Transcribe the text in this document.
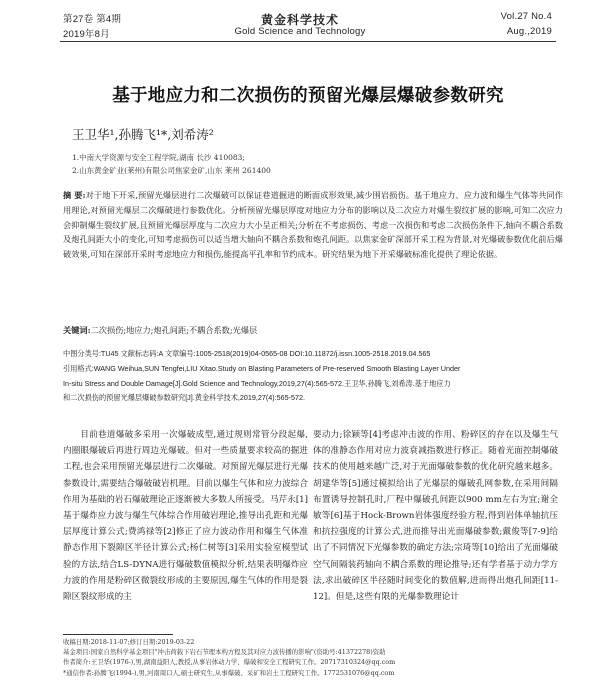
第27卷 第4期
2019年8月
黄金科学技术
Gold Science and Technology
Vol.27 No.4
Aug.,2019
基于地应力和二次损伤的预留光爆层爆破参数研究
王卫华¹,孙腾飞¹*,刘希涛²
1.中南大学资源与安全工程学院,湖南 长沙 410083;
2.山东黄金矿业(莱州)有限公司焦家金矿,山东 莱州 261400
摘 要:对于地下开采,预留光爆层进行二次爆破可以保证巷道掘进的断面成形效果,减少围岩损伤。基于地应力、应力波和爆生气体等共同作用理论,对预留光爆层二次爆破进行参数优化。分析预留光爆层厚度对地应力分布的影响以及二次应力对爆生裂纹扩展的影响,可知二次应力会抑制爆生裂纹扩展,且预留光爆层厚度与二次应力大小呈正相关;分析在不考虑损伤、考虑一次损伤和考虑二次损伤条件下,轴向不耦合系数及炮孔间距大小的变化,可知考虑损伤可以适当增大轴向不耦合系数和炮孔间距。以焦家金矿深部开采工程为背景,对光爆破参数优化前后爆破效果,可知在深部开采时考虑地应力和损伤,能提高平孔率和节约成本。研究结果为地下开采爆破标准化提供了理论依据。
关键词:二次损伤;地应力;炮孔间距;不耦合系数;光爆层
中图分类号:TU45 文献标志码:A 文章编号:1005-2518(2019)04-0565-08 DOI:10.11872/j.issn.1005-2518.2019.04.565
引用格式:WANG Weihua,SUN Tengfei,LIU Xitao.Study on Blasting Parameters of Pre-reserved Smooth Blasting Layer Under
In-situ Stress and Double Damage[J].Gold Science and Technology,2019,27(4):565-572.王卫华,孙腾飞,刘希涛.基于地应力
和二次损伤的预留光爆层爆破参数研究[J].黄金科学技术,2019,27(4):565-572.

目前巷道爆破多采用一次爆破成型,通过规则常管分段起爆,内圈眼爆破后再进行周边光爆破。但对一些质量要求较高的掘进工程,也会采用预留光爆层进行二次爆破。对预留光爆层进行光爆参数设计,需要结合爆破破岩机理。目前以爆生气体和应力波综合作用为基础的岩石爆破理论正逐渐被大多数人所接受。马芹永[1]基于爆炸应力波与爆生气体综合作用破岩理论,推导出孔距和光爆层厚度计算公式;费鸿禄等[2]修正了应力波动作用和爆生气体准静态作用下裂隙区半径计算公式;杨仁树等[3]采用实验室模型试验的方法,结合LS-DYNA进行爆破数值模拟分析,结果表明爆炸应力波的作用是粉碎区微裂纹形成的主要原因,爆生气体的作用是裂隙区裂纹形成的主

要动力;徐颖等[4]考虑冲击波的作用、粉碎区的存在以及爆生气体的准静态作用对应力波衰减指数进行修正。随着光面控制爆破技术的使用越来越广泛,对于光面爆破参数的优化研究越来越多。胡建华等[5]通过模拟给出了光爆层的爆破孔网参数,在采用间隔布置诱导控制孔时,厂程中爆破孔间距以900 mm左右为宜;谢全敏等[6]基于Hock-Brown岩体强度经验方程,得到岩体单轴抗压和抗拉强度的计算公式,进而推导出光面爆破参数;戴俊等[7-9]给出了不同情况下光爆参数的确定方法;宗琦等[10]给出了光面爆破空气间隔装药轴向不耦合系数的理论推导;还有学者基于动力学方法,求出破碎区半径随时间变化的数值解,进而得出炮孔间距[11-12]。但是,这些有限的光爆参数理论计

收稿日期:2018-11-07;修订日期:2019-03-22
基金项目:国家自然科学基金项目"冲击荷载下岩石节理本构方程及其对应力波传播的影响"(资助号:41372278)资助
作者简介:王卫华(1976-),男,湖南益阳人,教授,从事岩体动力学、爆破和安全工程研究工作。20717310324@qq.com
*通信作者:孙腾飞(1994-),男,河南周口人,硕士研究生,从事爆破、采矿和岩土工程研究工作。1772531076@qq.com
